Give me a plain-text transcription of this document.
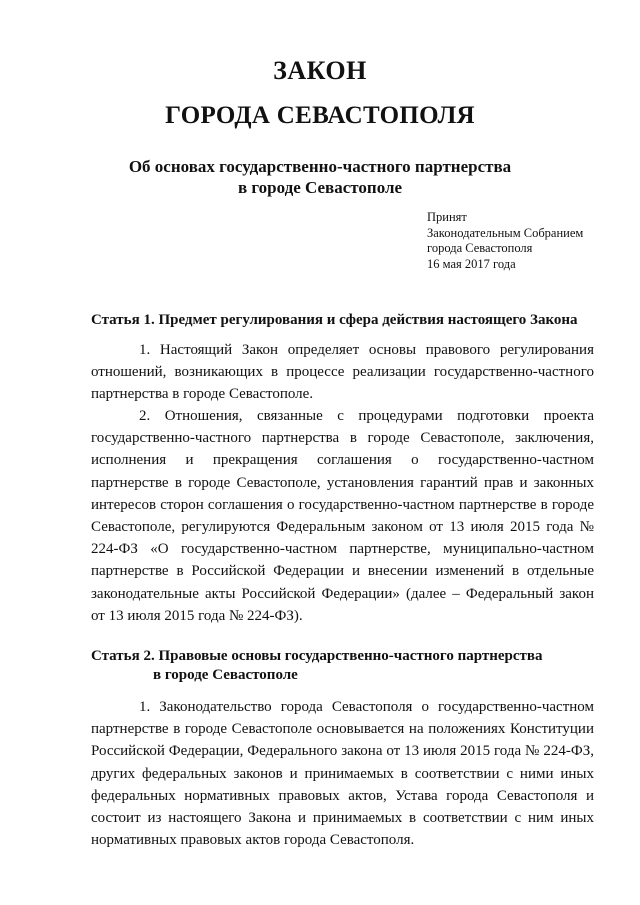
ЗАКОН
ГОРОДА СЕВАСТОПОЛЯ
Об основах государственно-частного партнерства
в городе Севастополе
Принят
Законодательным Собранием
города Севастополя
16 мая 2017 года
Статья 1. Предмет регулирования и сфера действия настоящего Закона
1. Настоящий Закон определяет основы правового регулирования отношений, возникающих в процессе реализации государственно-частного партнерства в городе Севастополе.
2. Отношения, связанные с процедурами подготовки проекта государственно-частного партнерства в городе Севастополе, заключения, исполнения и прекращения соглашения о государственно-частном партнерстве в городе Севастополе, установления гарантий прав и законных интересов сторон соглашения о государственно-частном партнерстве в городе Севастополе, регулируются Федеральным законом от 13 июля 2015 года № 224-ФЗ «О государственно-частном партнерстве, муниципально-частном партнерстве в Российской Федерации и внесении изменений в отдельные законодательные акты Российской Федерации» (далее – Федеральный закон от 13 июля 2015 года № 224-ФЗ).
Статья 2. Правовые основы государственно-частного партнерства
в городе Севастополе
1. Законодательство города Севастополя о государственно-частном партнерстве в городе Севастополе основывается на положениях Конституции Российской Федерации, Федерального закона от 13 июля 2015 года № 224-ФЗ, других федеральных законов и принимаемых в соответствии с ними иных федеральных нормативных правовых актов, Устава города Севастополя и состоит из настоящего Закона и принимаемых в соответствии с ним иных нормативных правовых актов города Севастополя.
